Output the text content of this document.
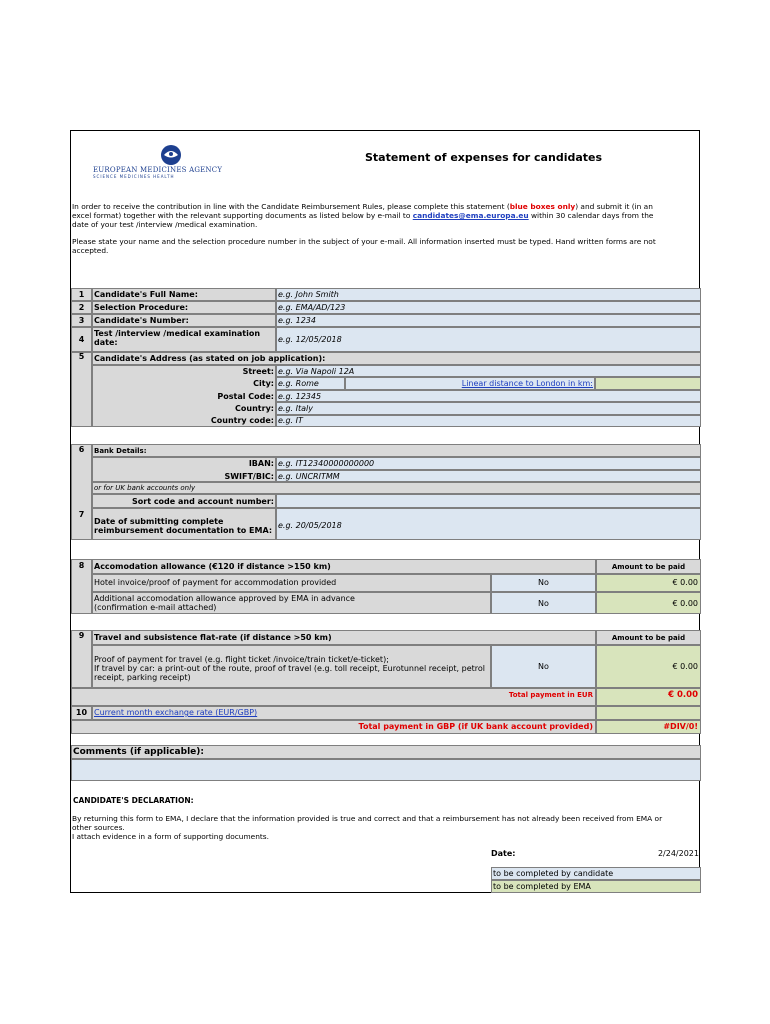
EUROPEAN MEDICINES AGENCY
SCIENCE MEDICINES HEALTH
Statement of expenses for candidates
In order to receive the contribution in line with the Candidate Reimbursement Rules, please complete this statement (blue boxes only) and submit it (in an
excel format) together with the relevant supporting documents as listed below by e-mail to candidates@ema.europa.eu within 30 calendar days from the
date of your test /interview /medical examination.
Please state your name and the selection procedure number in the subject of your e-mail. All information inserted must be typed. Hand written forms are not
accepted.
1	Candidate's Full Name:	e.g. John Smith
2	Selection Procedure:	e.g. EMA/AD/123
3	Candidate's Number:	e.g. 1234
4
Test /interview /medical examination
date:	e.g. 12/05/2018
5	Candidate's Address (as stated on job application):
Street: e.g. Via Napoli 12A
City: e.g. Rome	Linear distance to London in km:
Postal Code: e.g. 12345
Country: e.g. Italy
Country code: e.g. IT
6	Bank Details:
IBAN: e.g. IT12340000000000
SWIFT/BIC: e.g. UNCRITMM
or for UK bank accounts only
Sort code and account number:
7
Date of submitting complete
reimbursement documentation to EMA:
e.g. 20/05/2018
8	Accomodation allowance (€120 if distance >150 km)	Amount to be paid
Hotel invoice/proof of payment for accommodation provided	No	€ 0.00
Additional accomodation allowance approved by EMA in advance
(confirmation e-mail attached)	No	€ 0.00
9	Travel and subsistence flat-rate (if distance >50 km)	Amount to be paid
Proof of payment for travel (e.g. flight ticket /invoice/train ticket/e-ticket);
If travel by car: a print-out of the route, proof of travel (e.g. toll receipt, Eurotunnel receipt, petrol
receipt, parking receipt)
No	€ 0.00
Total payment in EUR	€ 0.00
10 Current month exchange rate (EUR/GBP)
Total payment in GBP (if UK bank account provided)	#DIV/0!
Comments (if applicable):
CANDIDATE'S DECLARATION:
By returning this form to EMA, I declare that the information provided is true and correct and that a reimbursement has not already been received from EMA or
other sources.
I attach evidence in a form of supporting documents.
Date:	2/24/2021
to be completed by candidate
to be completed by EMA
